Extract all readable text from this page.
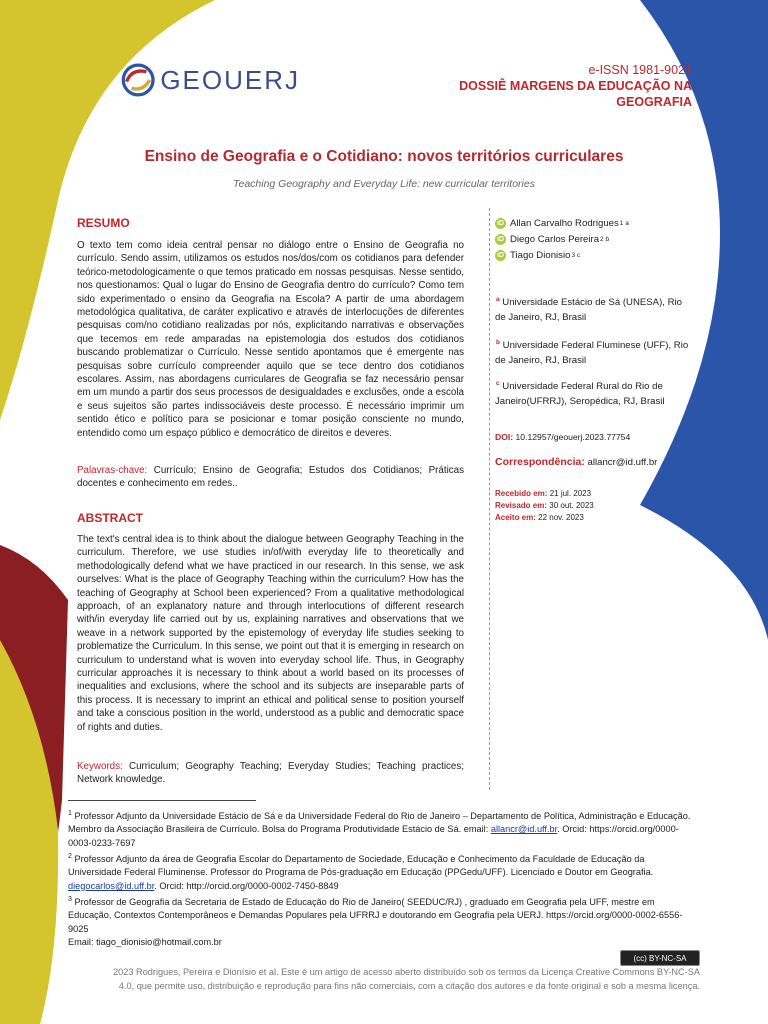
GEOUERJ	e-ISSN 1981-9021
DOSSIÊ MARGENS DA EDUCAÇÃO NA GEOGRAFIA
Ensino de Geografia e o Cotidiano: novos territórios curriculares
Teaching Geography and Everyday Life: new curricular territories
RESUMO
O texto tem como ideia central pensar no diálogo entre o Ensino de Geografia no currículo. Sendo assim, utilizamos os estudos nos/dos/com os cotidianos para defender teórico-metodologicamente o que temos praticado em nossas pesquisas. Nesse sentido, nos questionamos: Qual o lugar do Ensino de Geografia dentro do currículo? Como tem sido experimentado o ensino da Geografia na Escola? A partir de uma abordagem metodológica qualitativa, de caráter explicativo e através de interlocuções de diferentes pesquisas com/no cotidiano realizadas por nós, explicitando narrativas e observações que tecemos em rede amparadas na epistemologia dos estudos dos cotidianos buscando problematizar o Currículo. Nesse sentido apontamos que é emergente nas pesquisas sobre currículo compreender aquilo que se tece dentro dos cotidianos escolares. Assim, nas abordagens curriculares de Geografia se faz necessário pensar em um mundo a partir dos seus processos de desigualdades e exclusões, onde a escola e seus sujeitos são partes indissociáveis deste processo. É necessário imprimir um sentido ético e político para se posicionar e tomar posição consciente no mundo, entendido como um espaço público e democrático de direitos e deveres.
Palavras-chave: Currículo; Ensino de Geografia; Estudos dos Cotidianos; Práticas docentes e conhecimento em redes..
ABSTRACT
The text's central idea is to think about the dialogue between Geography Teaching in the curriculum. Therefore, we use studies in/of/with everyday life to theoretically and methodologically defend what we have practiced in our research. In this sense, we ask ourselves: What is the place of Geography Teaching within the curriculum? How has the teaching of Geography at School been experienced? From a qualitative methodological approach, of an explanatory nature and through interlocutions of different research with/in everyday life carried out by us, explaining narratives and observations that we weave in a network supported by the epistemology of everyday life studies seeking to problematize the Curriculum. In this sense, we point out that it is emerging in research on curriculum to understand what is woven into everyday school life. Thus, in Geography curricular approaches it is necessary to think about a world based on its processes of inequalities and exclusions, where the school and its subjects are inseparable parts of this process. It is necessary to imprint an ethical and political sense to position yourself and take a conscious position in the world, understood as a public and democratic space of rights and duties.
Keywords: Curriculum; Geography Teaching; Everyday Studies; Teaching practices; Network knowledge.
iD Allan Carvalho Rodrigues 1 a
iD Diego Carlos Pereira 2 b
iD Tiago Dionisio 3 c
$^a$ Universidade Estácio de Sá (UNESA), Rio de Janeiro, RJ, Brasil
$^b$ Universidade Federal Fluminese (UFF), Rio de Janeiro, RJ, Brasil
$^c$ Universidade Federal Rural do Rio de Janeiro(UFRRJ), Seropédica, RJ, Brasil
DOI: 10.12957/geouerj.2023.77754
Correspondência: allancr@id.uff.br
Recebido em: 21 jul. 2023
Revisado em: 30 out. 2023
Aceito em: 22 nov. 2023
$^1$ Professor Adjunto da Universidade Estácio de Sá e da Universidade Federal do Rio de Janeiro – Departamento de Política, Administração e Educação. Membro da Associação Brasileira de Currículo. Bolsa do Programa Produtividade Estácio de Sá. email: allancr@id.uff.br. Orcid: https://orcid.org/0000-0003-0233-7697
$^2$ Professor Adjunto da área de Geografia Escolar do Departamento de Sociedade, Educação e Conhecimento da Faculdade de Educação da Universidade Federal Fluminense. Professor do Programa de Pós-graduação em Educação (PPGedu/UFF). Licenciado e Doutor em Geografia. diegocarlos@id.uff.br. Orcid: http://orcid.org/0000-0002-7450-8849
$^3$ Professor de Geografia da Secretaria de Estado de Educação do Rio de Janeiro( SEEDUC/RJ) , graduado em Geografia pela UFF, mestre em Educação, Contextos Contemporâneos e Demandas Populares pela UFRRJ e doutorando em Geografia pela UERJ. https://orcid.org/0000-0002-6556-9025
Email: tiago_dionisio@hotmail.com.br
(cc) BY-NC-SA
2023 Rodrigues, Pereira e Dionísio et al. Este é um artigo de acesso aberto distribuído sob os termos da Licença Creative Commons BY-NC-SA 4.0, que permite uso, distribuição e reprodução para fins não comerciais, com a citação dos autores e da fonte original e sob a mesma licença.
